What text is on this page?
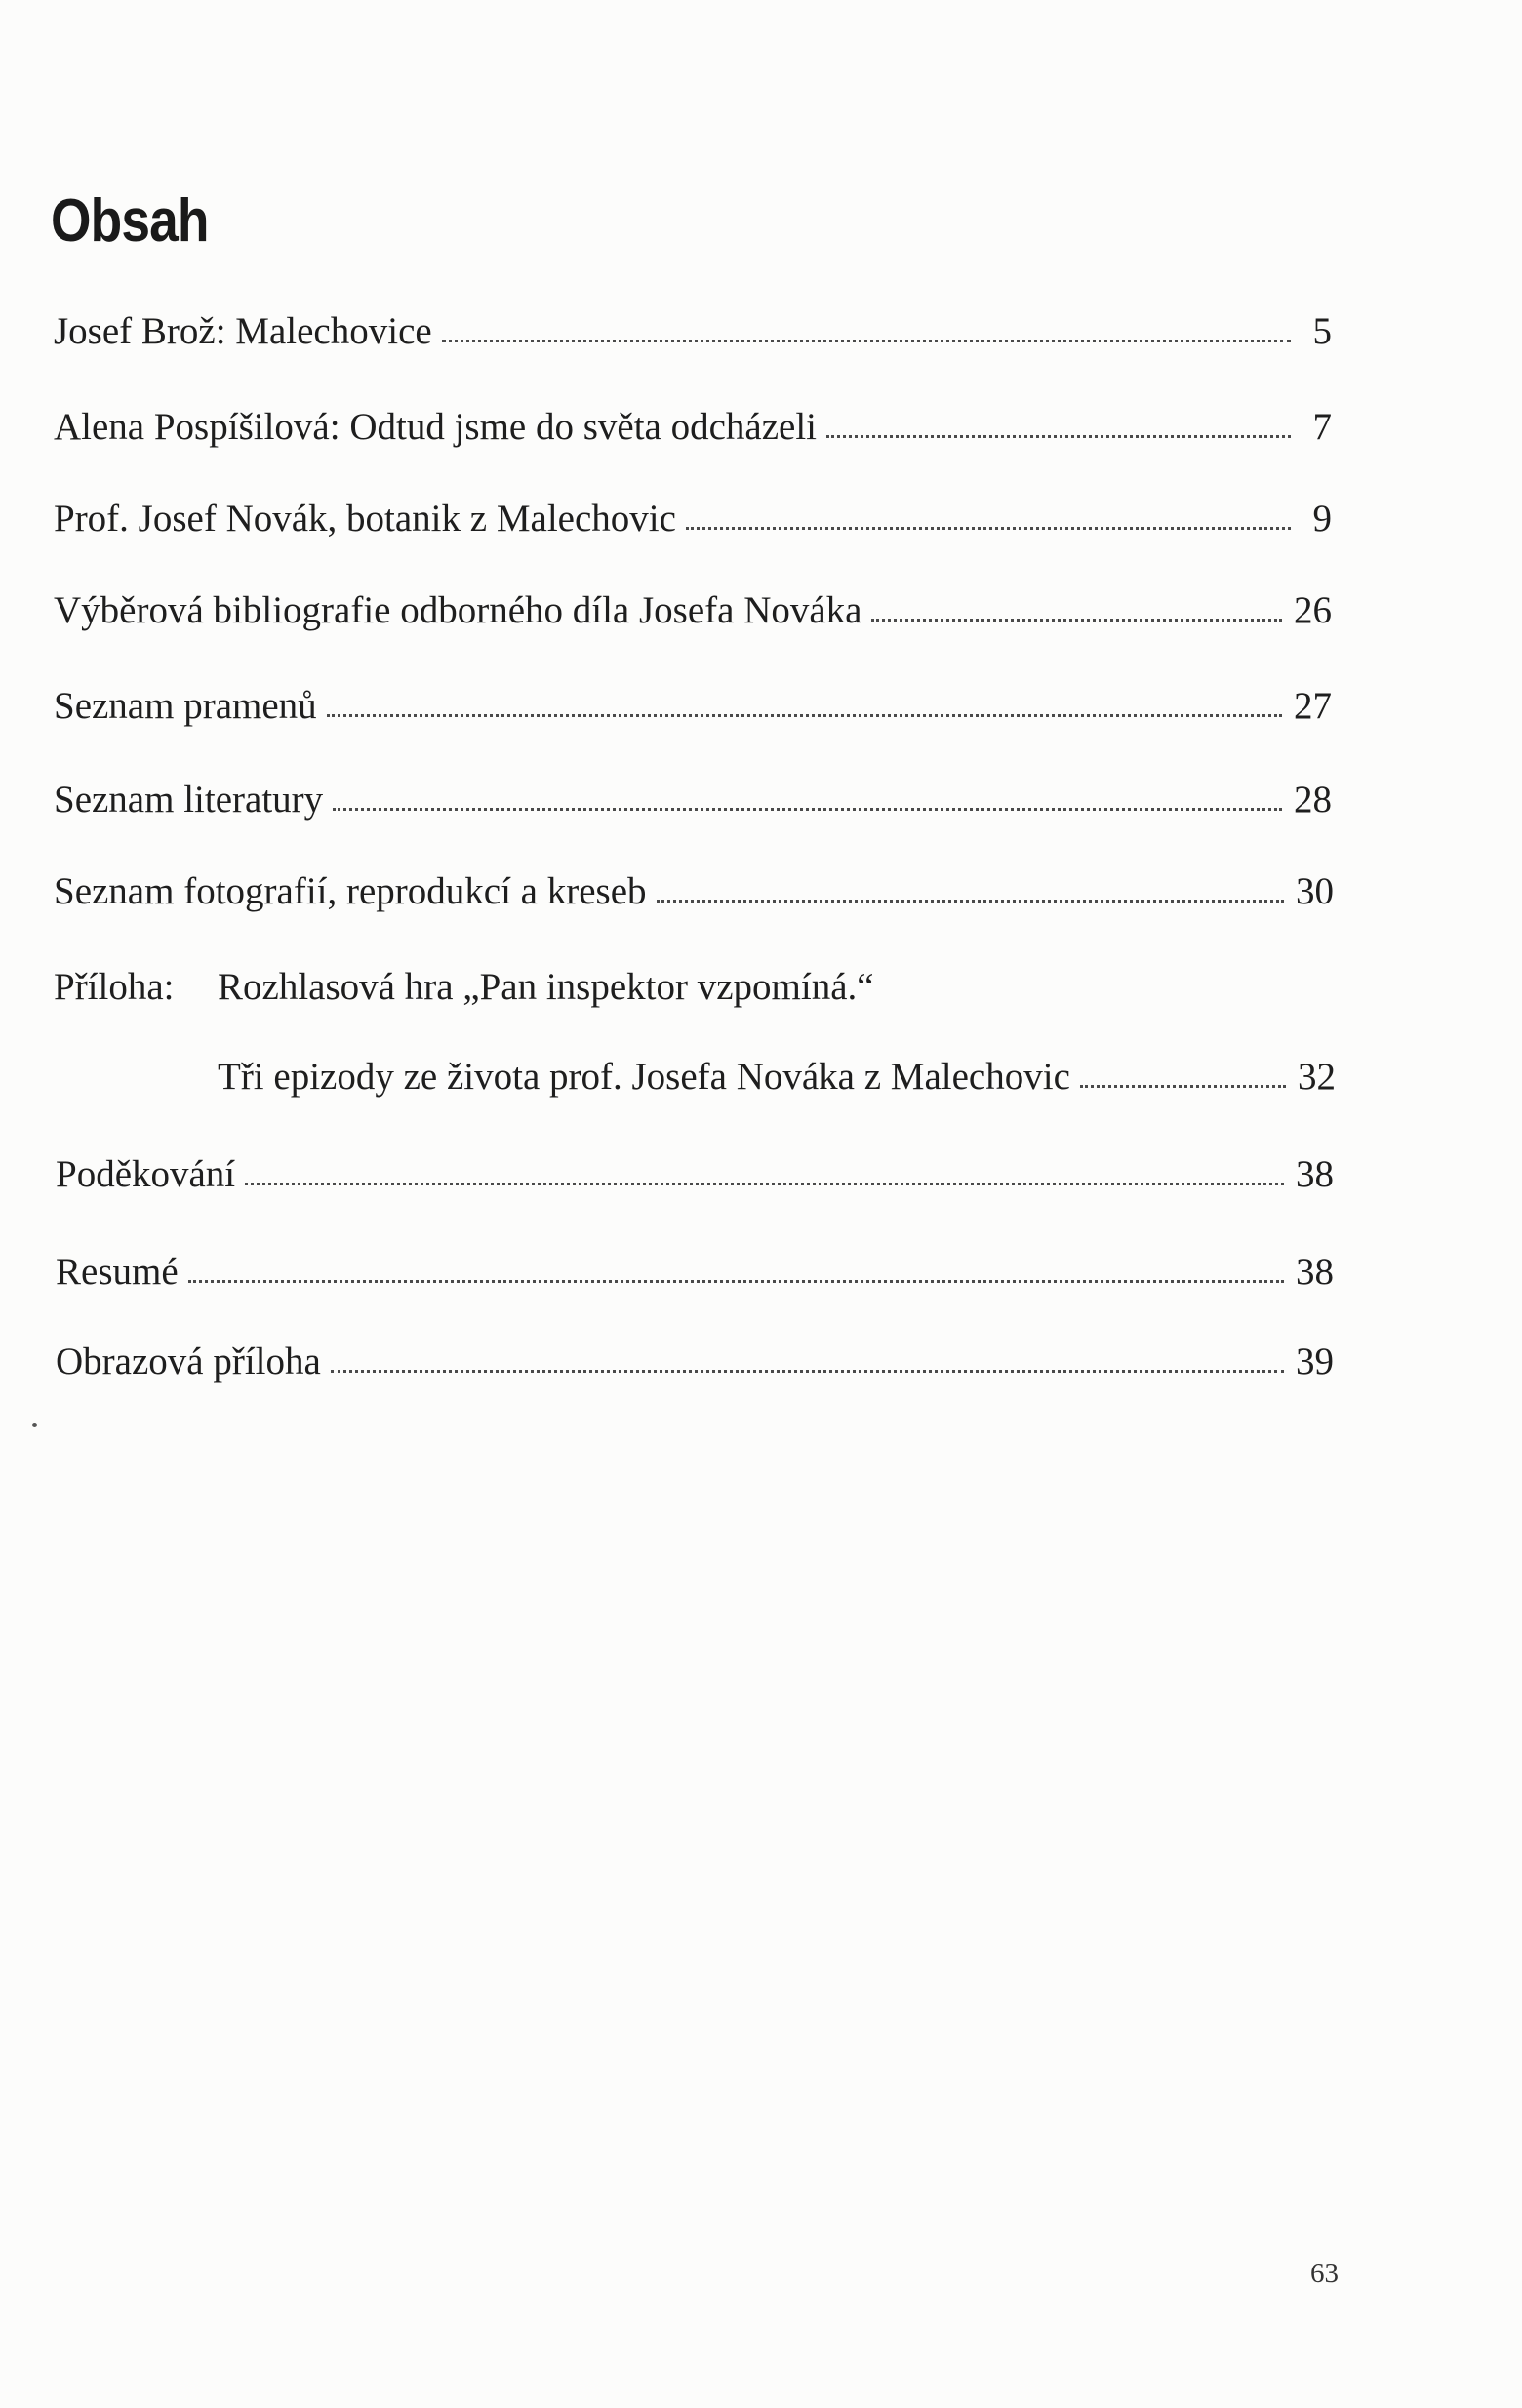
Obsah
Josef Brož: Malechovice	5
Alena Pospíšilová: Odtud jsme do světa odcházeli	7
Prof. Josef Novák, botanik z Malechovic	9
Výběrová bibliografie odborného díla Josefa Nováka	26
Seznam pramenů	27
Seznam literatury	28
Seznam fotografií, reprodukcí a kreseb	30
Příloha: Rozhlasová hra „Pan inspektor vzpomíná.“
Tři epizody ze života prof. Josefa Nováka z Malechovic	32
Poděkování	38
Resumé	38
Obrazová příloha	39
63
